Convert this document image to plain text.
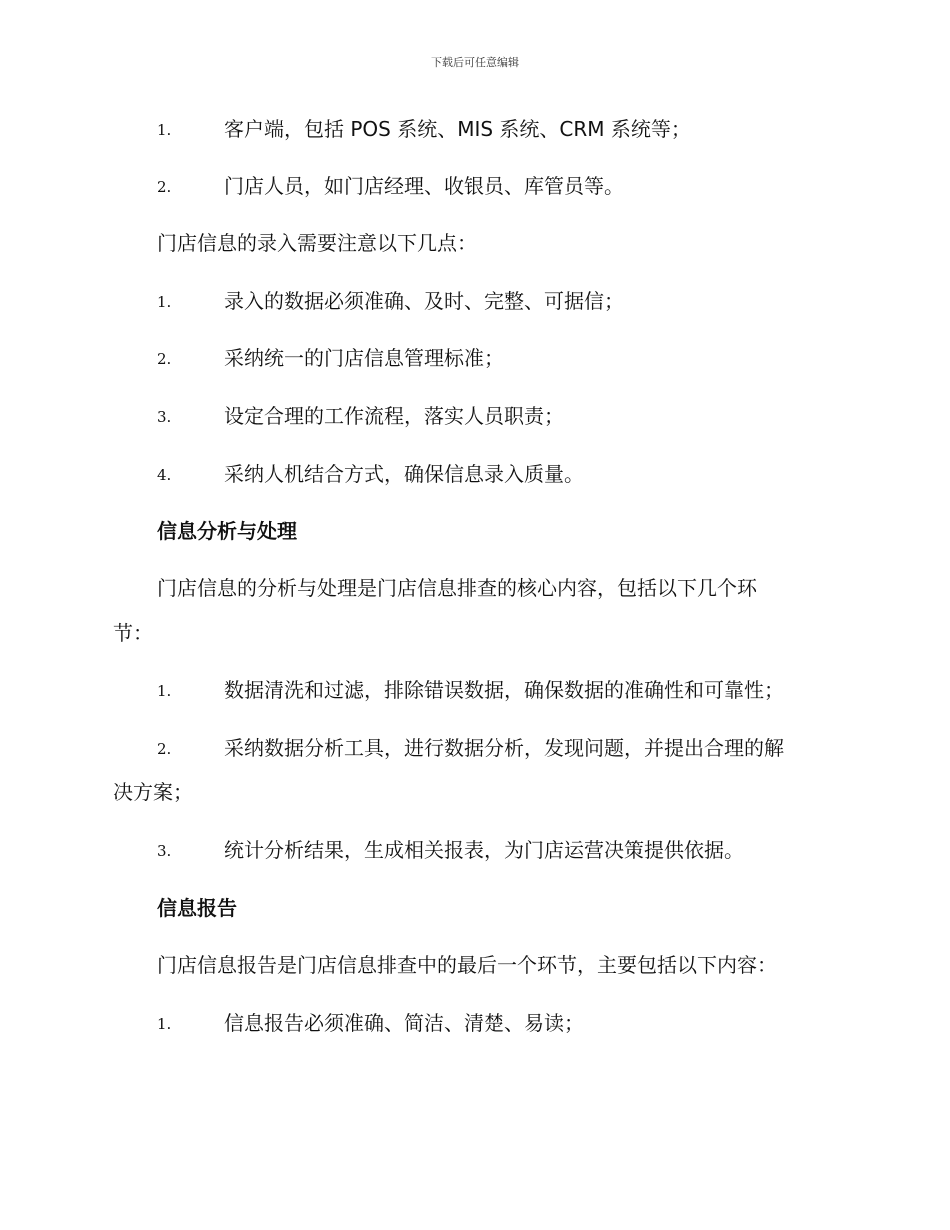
下载后可任意编辑
1.	客户端，包括 POS 系统、MIS 系统、CRM 系统等；
2.	门店人员，如门店经理、收银员、库管员等。
门店信息的录入需要注意以下几点：
1.	录入的数据必须准确、及时、完整、可据信；
2.	采纳统一的门店信息管理标准；
3.	设定合理的工作流程，落实人员职责；
4.	采纳人机结合方式，确保信息录入质量。
信息分析与处理
门店信息的分析与处理是门店信息排查的核心内容，包括以下几个环
节：
1.	数据清洗和过滤，排除错误数据，确保数据的准确性和可靠性；
2.	采纳数据分析工具，进行数据分析，发现问题，并提出合理的解
决方案；
3.	统计分析结果，生成相关报表，为门店运营决策提供依据。
信息报告
门店信息报告是门店信息排查中的最后一个环节，主要包括以下内容：
1.	信息报告必须准确、简洁、清楚、易读；
